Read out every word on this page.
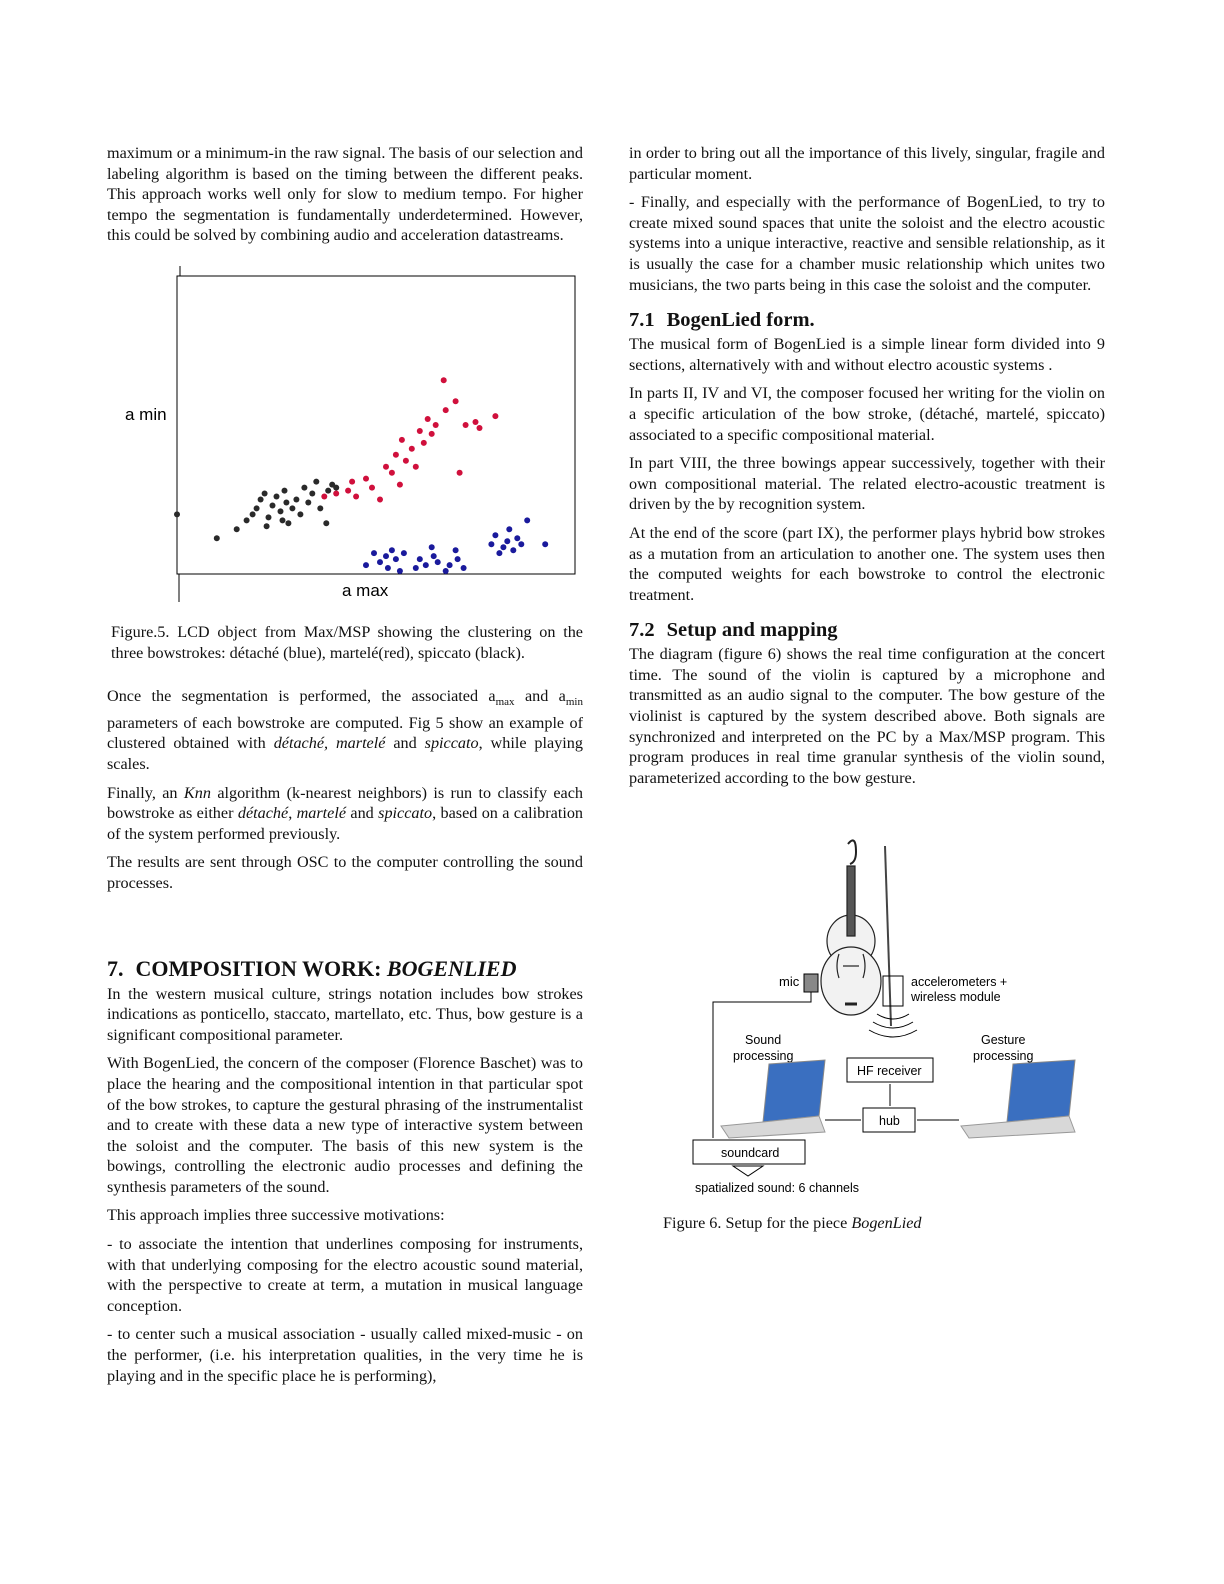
maximum or a minimum-in the raw signal. The basis of our selection and labeling algorithm is based on the timing between the different peaks. This approach works well only for slow to medium tempo. For higher tempo the segmentation is fundamentally underdetermined. However, this could be solved by combining audio and acceleration datastreams.

a min
a max
Figure.5. LCD object from Max/MSP showing the clustering on the three bowstrokes: détaché (blue), martelé(red), spiccato (black).

Once the segmentation is performed, the associated $a_{max}$ and $a_{min}$ parameters of each bowstroke are computed. Fig 5 show an example of clustered obtained with détaché, martelé and spiccato, while playing scales.

Finally, an Knn algorithm (k-nearest neighbors) is run to classify each bowstroke as either détaché, martelé and spiccato, based on a calibration of the system performed previously.

The results are sent through OSC to the computer controlling the sound processes.

7. COMPOSITION WORK: BOGENLIED

In the western musical culture, strings notation includes bow strokes indications as ponticello, staccato, martellato, etc. Thus, bow gesture is a significant compositional parameter.

With BogenLied, the concern of the composer (Florence Baschet) was to place the hearing and the compositional intention in that particular spot of the bow strokes, to capture the gestural phrasing of the instrumentalist and to create with these data a new type of interactive system between the soloist and the computer. The basis of this new system is the bowings, controlling the electronic audio processes and defining the synthesis parameters of the sound.

This approach implies three successive motivations:

- to associate the intention that underlines composing for instruments, with that underlying composing for the electro acoustic sound material, with the perspective to create at term, a mutation in musical language conception.

- to center such a musical association - usually called mixed-music - on the performer, (i.e. his interpretation qualities, in the very time he is playing and in the specific place he is performing),

in order to bring out all the importance of this lively, singular, fragile and particular moment.

- Finally, and especially with the performance of BogenLied, to try to create mixed sound spaces that unite the soloist and the electro acoustic systems into a unique interactive, reactive and sensible relationship, as it is usually the case for a chamber music relationship which unites two musicians, the two parts being in this case the soloist and the computer.

7.1 BogenLied form.

The musical form of BogenLied is a simple linear form divided into 9 sections, alternatively with and without electro acoustic systems .

In parts II, IV and VI, the composer focused her writing for the violin on a specific articulation of the bow stroke, (détaché, martelé, spiccato) associated to a specific compositional material.

In part VIII, the three bowings appear successively, together with their own compositional material. The related electro-acoustic treatment is driven by the by recognition system.

At the end of the score (part IX), the performer plays hybrid bow strokes as a mutation from an articulation to another one. The system uses then the computed weights for each bowstroke to control the electronic treatment.

7.2 Setup and mapping

The diagram (figure 6) shows the real time configuration at the concert time. The sound of the violin is captured by a microphone and transmitted as an audio signal to the computer. The bow gesture of the violinist is captured by the system described above. Both signals are synchronized and interpreted on the PC by a Max/MSP program. This program produces in real time granular synthesis of the violin sound, parameterized according to the bow gesture.

mic	accelerometers +
wireless module
Sound
processing
HF receiver
hub
Gesture
processing
soundcard
spatialized sound: 6 channels
Figure 6. Setup for the piece BogenLied
